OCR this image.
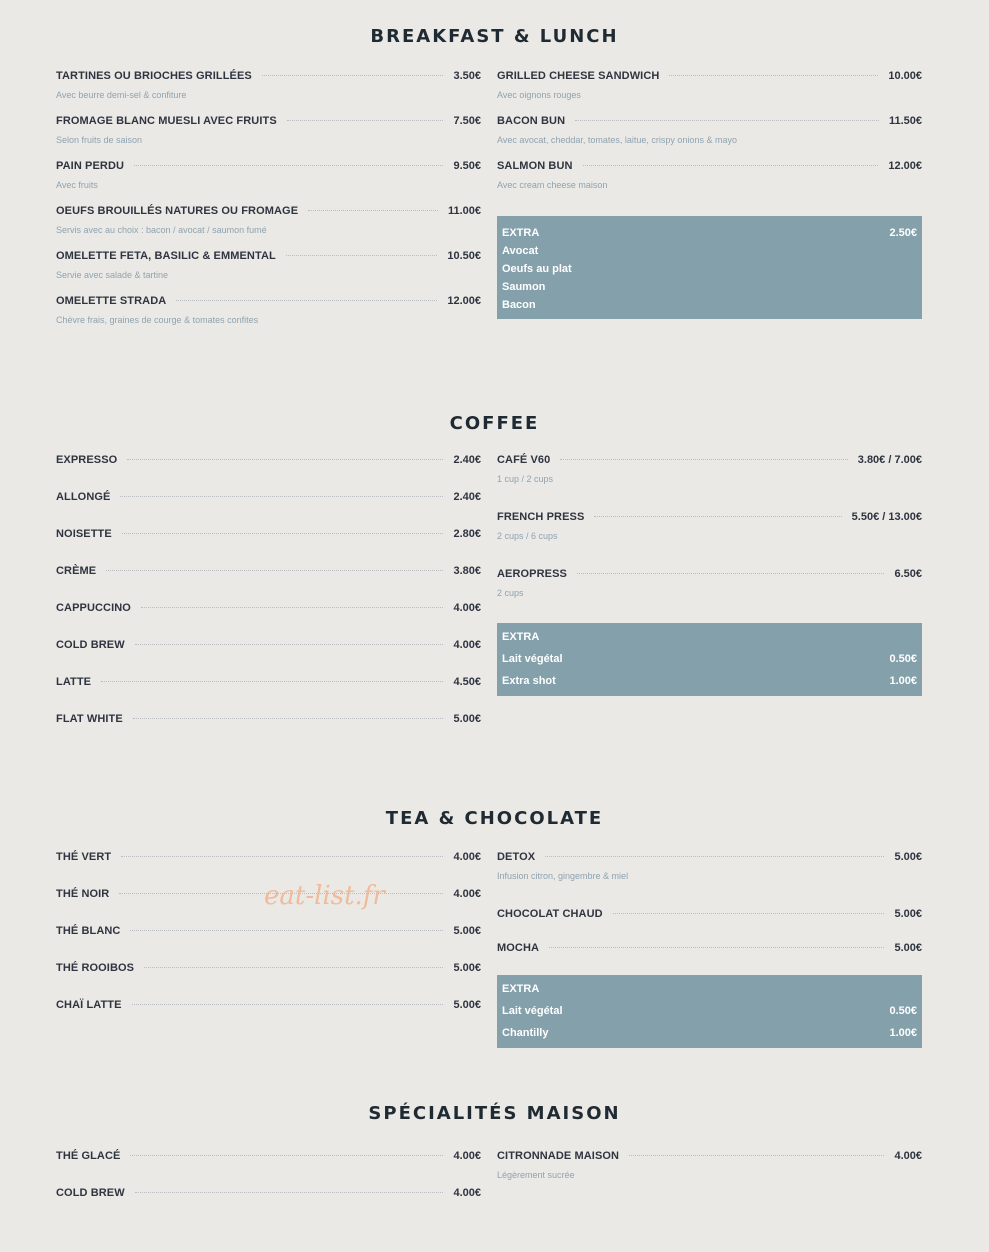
BREAKFAST & LUNCH
TARTINES OU BRIOCHES GRILLÉES	3.50€
Avec beurre demi-sel & confiture
FROMAGE BLANC MUESLI AVEC FRUITS	7.50€
Selon fruits de saison
PAIN PERDU	9.50€
Avec fruits
OEUFS BROUILLÉS NATURES OU FROMAGE	11.00€
Servis avec au choix : bacon / avocat / saumon fumé
OMELETTE FETA, BASILIC & EMMENTAL	10.50€
Servie avec salade & tartine
OMELETTE STRADA	12.00€
Chèvre frais, graines de courge & tomates confites
GRILLED CHEESE SANDWICH	10.00€
Avec oignons rouges
BACON BUN	11.50€
Avec avocat, cheddar, tomates, laitue, crispy onions & mayo
SALMON BUN	12.00€
Avec cream cheese maison
EXTRA	2.50€
Avocat
Oeufs au plat
Saumon
Bacon
COFFEE
EXPRESSO	2.40€
ALLONGÉ	2.40€
NOISETTE	2.80€
CRÈME	3.80€
CAPPUCCINO	4.00€
COLD BREW	4.00€
LATTE	4.50€
FLAT WHITE	5.00€
CAFÉ V60	3.80€ / 7.00€
1 cup / 2 cups
FRENCH PRESS	5.50€ / 13.00€
2 cups / 6 cups
AEROPRESS	6.50€
2 cups
EXTRA
Lait végétal	0.50€
Extra shot	1.00€
TEA & CHOCOLATE
THÉ VERT	4.00€
THÉ NOIR	4.00€
THÉ BLANC	5.00€
THÉ ROOIBOS	5.00€
CHAÏ LATTE	5.00€
DETOX	5.00€
Infusion citron, gingembre & miel
CHOCOLAT CHAUD	5.00€
MOCHA	5.00€
EXTRA
Lait végétal	0.50€
Chantilly	1.00€
SPÉCIALITÉS MAISON
THÉ GLACÉ	4.00€
COLD BREW	4.00€
CITRONNADE MAISON	4.00€
Légèrement sucrée
eat-list.fr
